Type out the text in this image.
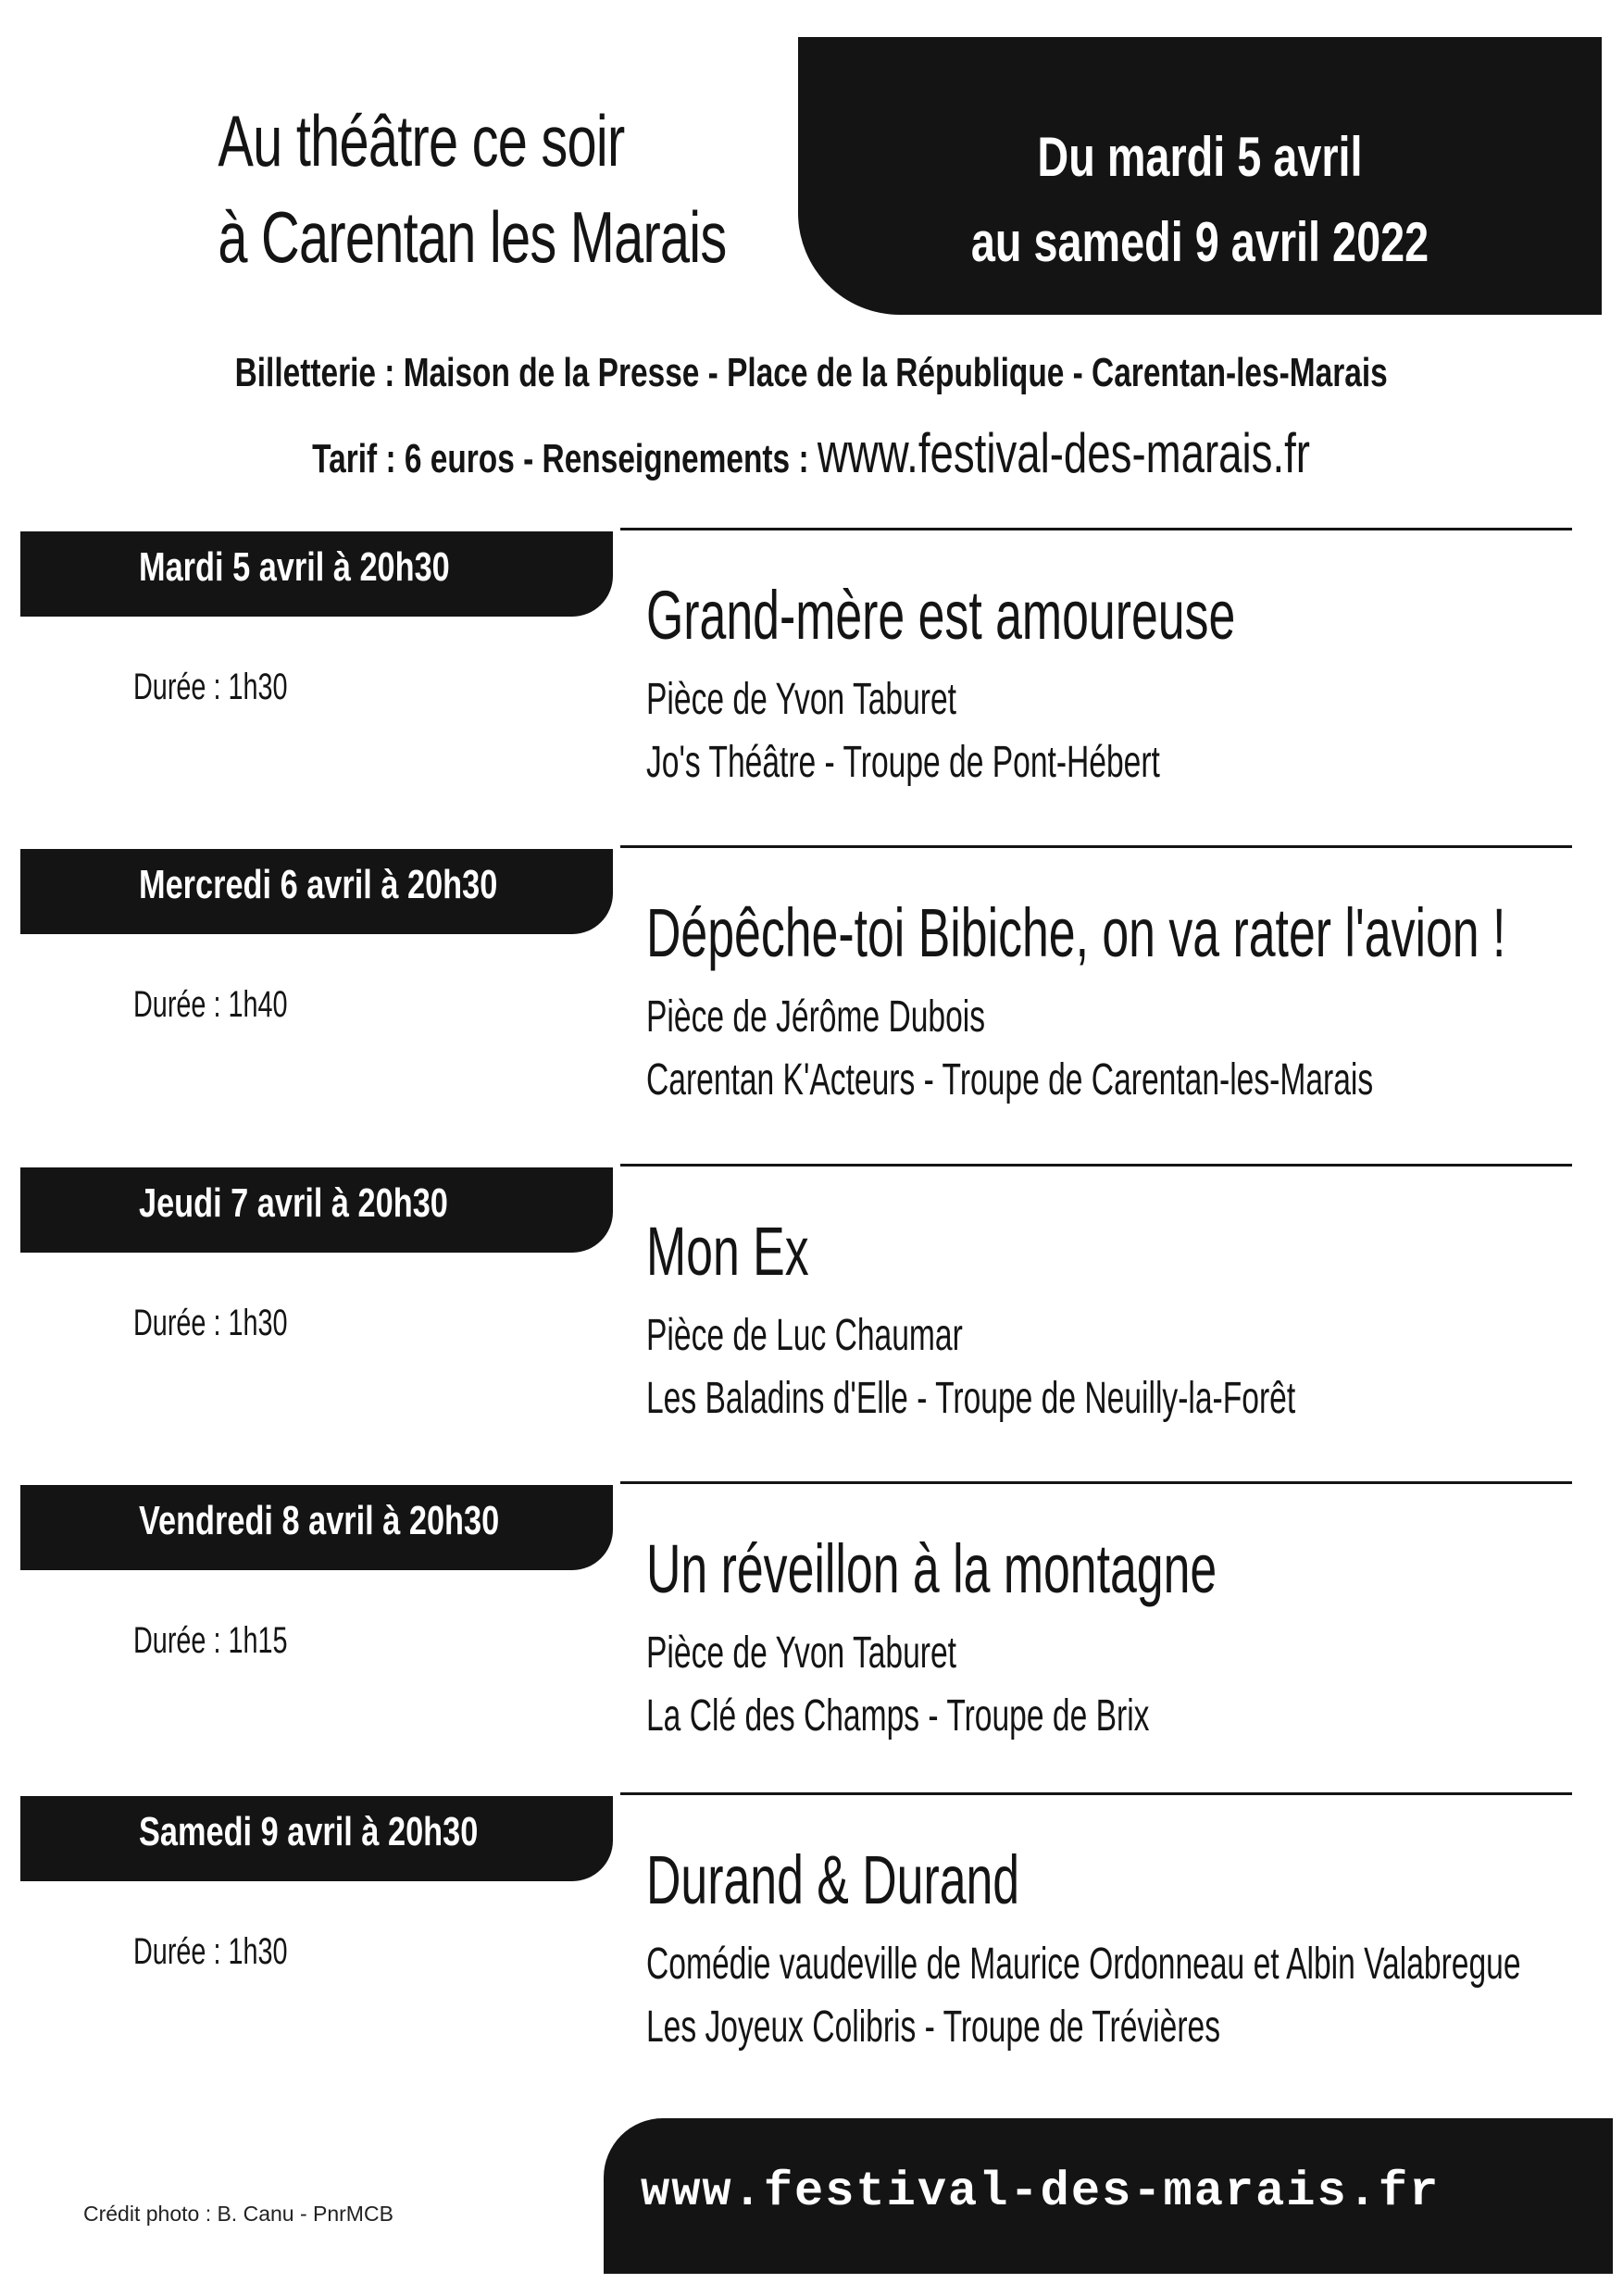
Au théâtre ce soir
à Carentan les Marais
Du mardi 5 avril
au samedi 9 avril 2022
Billetterie : Maison de la Presse - Place de la République - Carentan-les-Marais
Tarif : 6 euros - Renseignements : www.festival-des-marais.fr
Mardi 5 avril à 20h30
Durée : 1h30
Grand-mère est amoureuse
Pièce de Yvon Taburet
Jo's Théâtre - Troupe de Pont-Hébert
Mercredi 6 avril à 20h30
Durée : 1h40
Dépêche-toi Bibiche, on va rater l'avion !
Pièce de Jérôme Dubois
Carentan K'Acteurs - Troupe de Carentan-les-Marais
Jeudi 7 avril à 20h30
Durée : 1h30
Mon Ex
Pièce de Luc Chaumar
Les Baladins d'Elle - Troupe de Neuilly-la-Forêt
Vendredi 8 avril à 20h30
Durée : 1h15
Un réveillon à la montagne
Pièce de Yvon Taburet
La Clé des Champs - Troupe de Brix
Samedi 9 avril à 20h30
Durée : 1h30
Durand & Durand
Comédie vaudeville de Maurice Ordonneau et Albin Valabregue
Les Joyeux Colibris - Troupe de Trévières
www.festival-des-marais.fr
Crédit photo : B. Canu - PnrMCB
